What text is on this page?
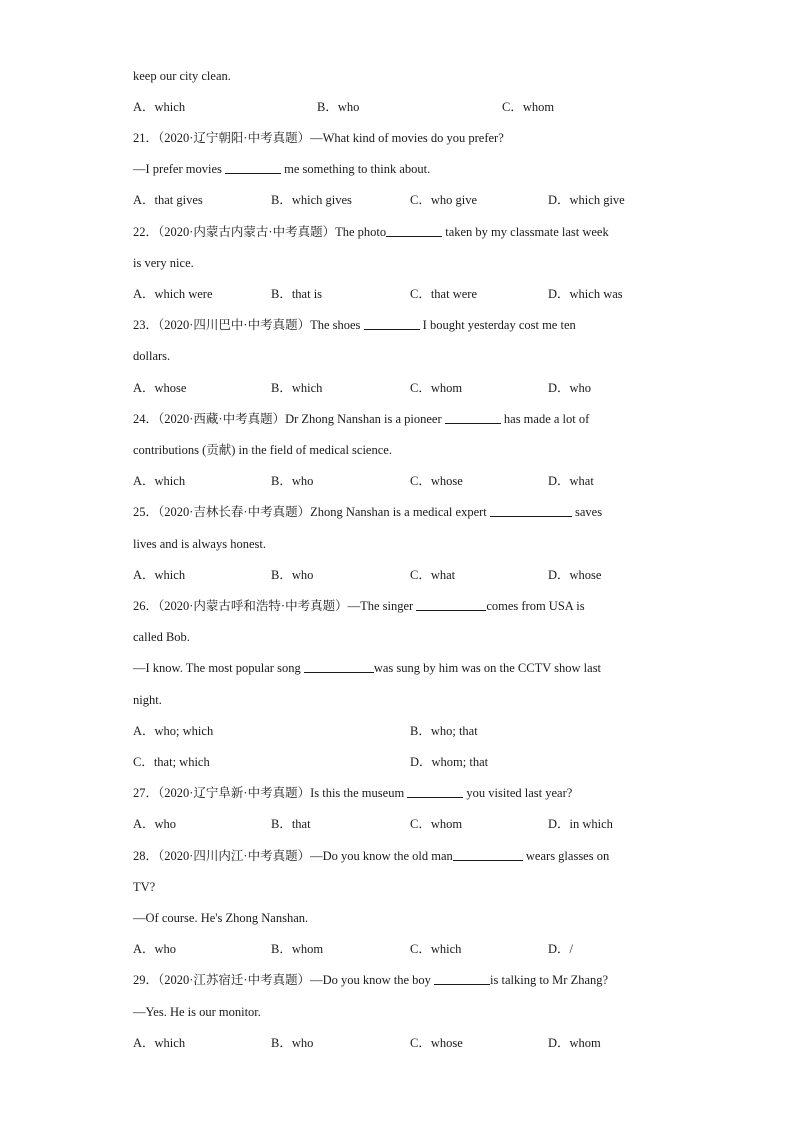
keep our city clean.
A．which	B．who	C．whom
21．（2020·辽宁朝阳·中考真题）—What kind of movies do you prefer?
—I prefer movies	me something to think about.
A．that gives	B．which gives	C．who give	D．which give
22．（2020·内蒙古内蒙古·中考真题）The photo	taken by my classmate last week
is very nice.
A．which were	B．that is	C．that were	D．which was
23．（2020·四川巴中·中考真题）The shoes	I bought yesterday cost me ten
dollars.
A．whose	B．which	C．whom	D．who
24．（2020·西藏·中考真题）Dr Zhong Nanshan is a pioneer	has made a lot of
contributions (贡献) in the field of medical science.
A．which	B．who	C．whose	D．what
25．（2020·吉林长春·中考真题）Zhong Nanshan is a medical expert	saves
lives and is always honest.
A．which	B．who	C．what	D．whose
26．（2020·内蒙古呼和浩特·中考真题）—The singer	comes from USA is
called Bob.
—I know. The most popular song	was sung by him was on the CCTV show last
night.
A．who; which	B．who; that
C．that; which	D．whom; that
27．（2020·辽宁阜新·中考真题）Is this the museum	you visited last year?
A．who	B．that	C．whom	D．in which
28．（2020·四川内江·中考真题）—Do you know the old man	wears glasses on
TV?
—Of course. He's Zhong Nanshan.
A．who	B．whom	C．which	D．/
29．（2020·江苏宿迁·中考真题）—Do you know the boy	is talking to Mr Zhang?
—Yes. He is our monitor.
A．which	B．who	C．whose	D．whom
